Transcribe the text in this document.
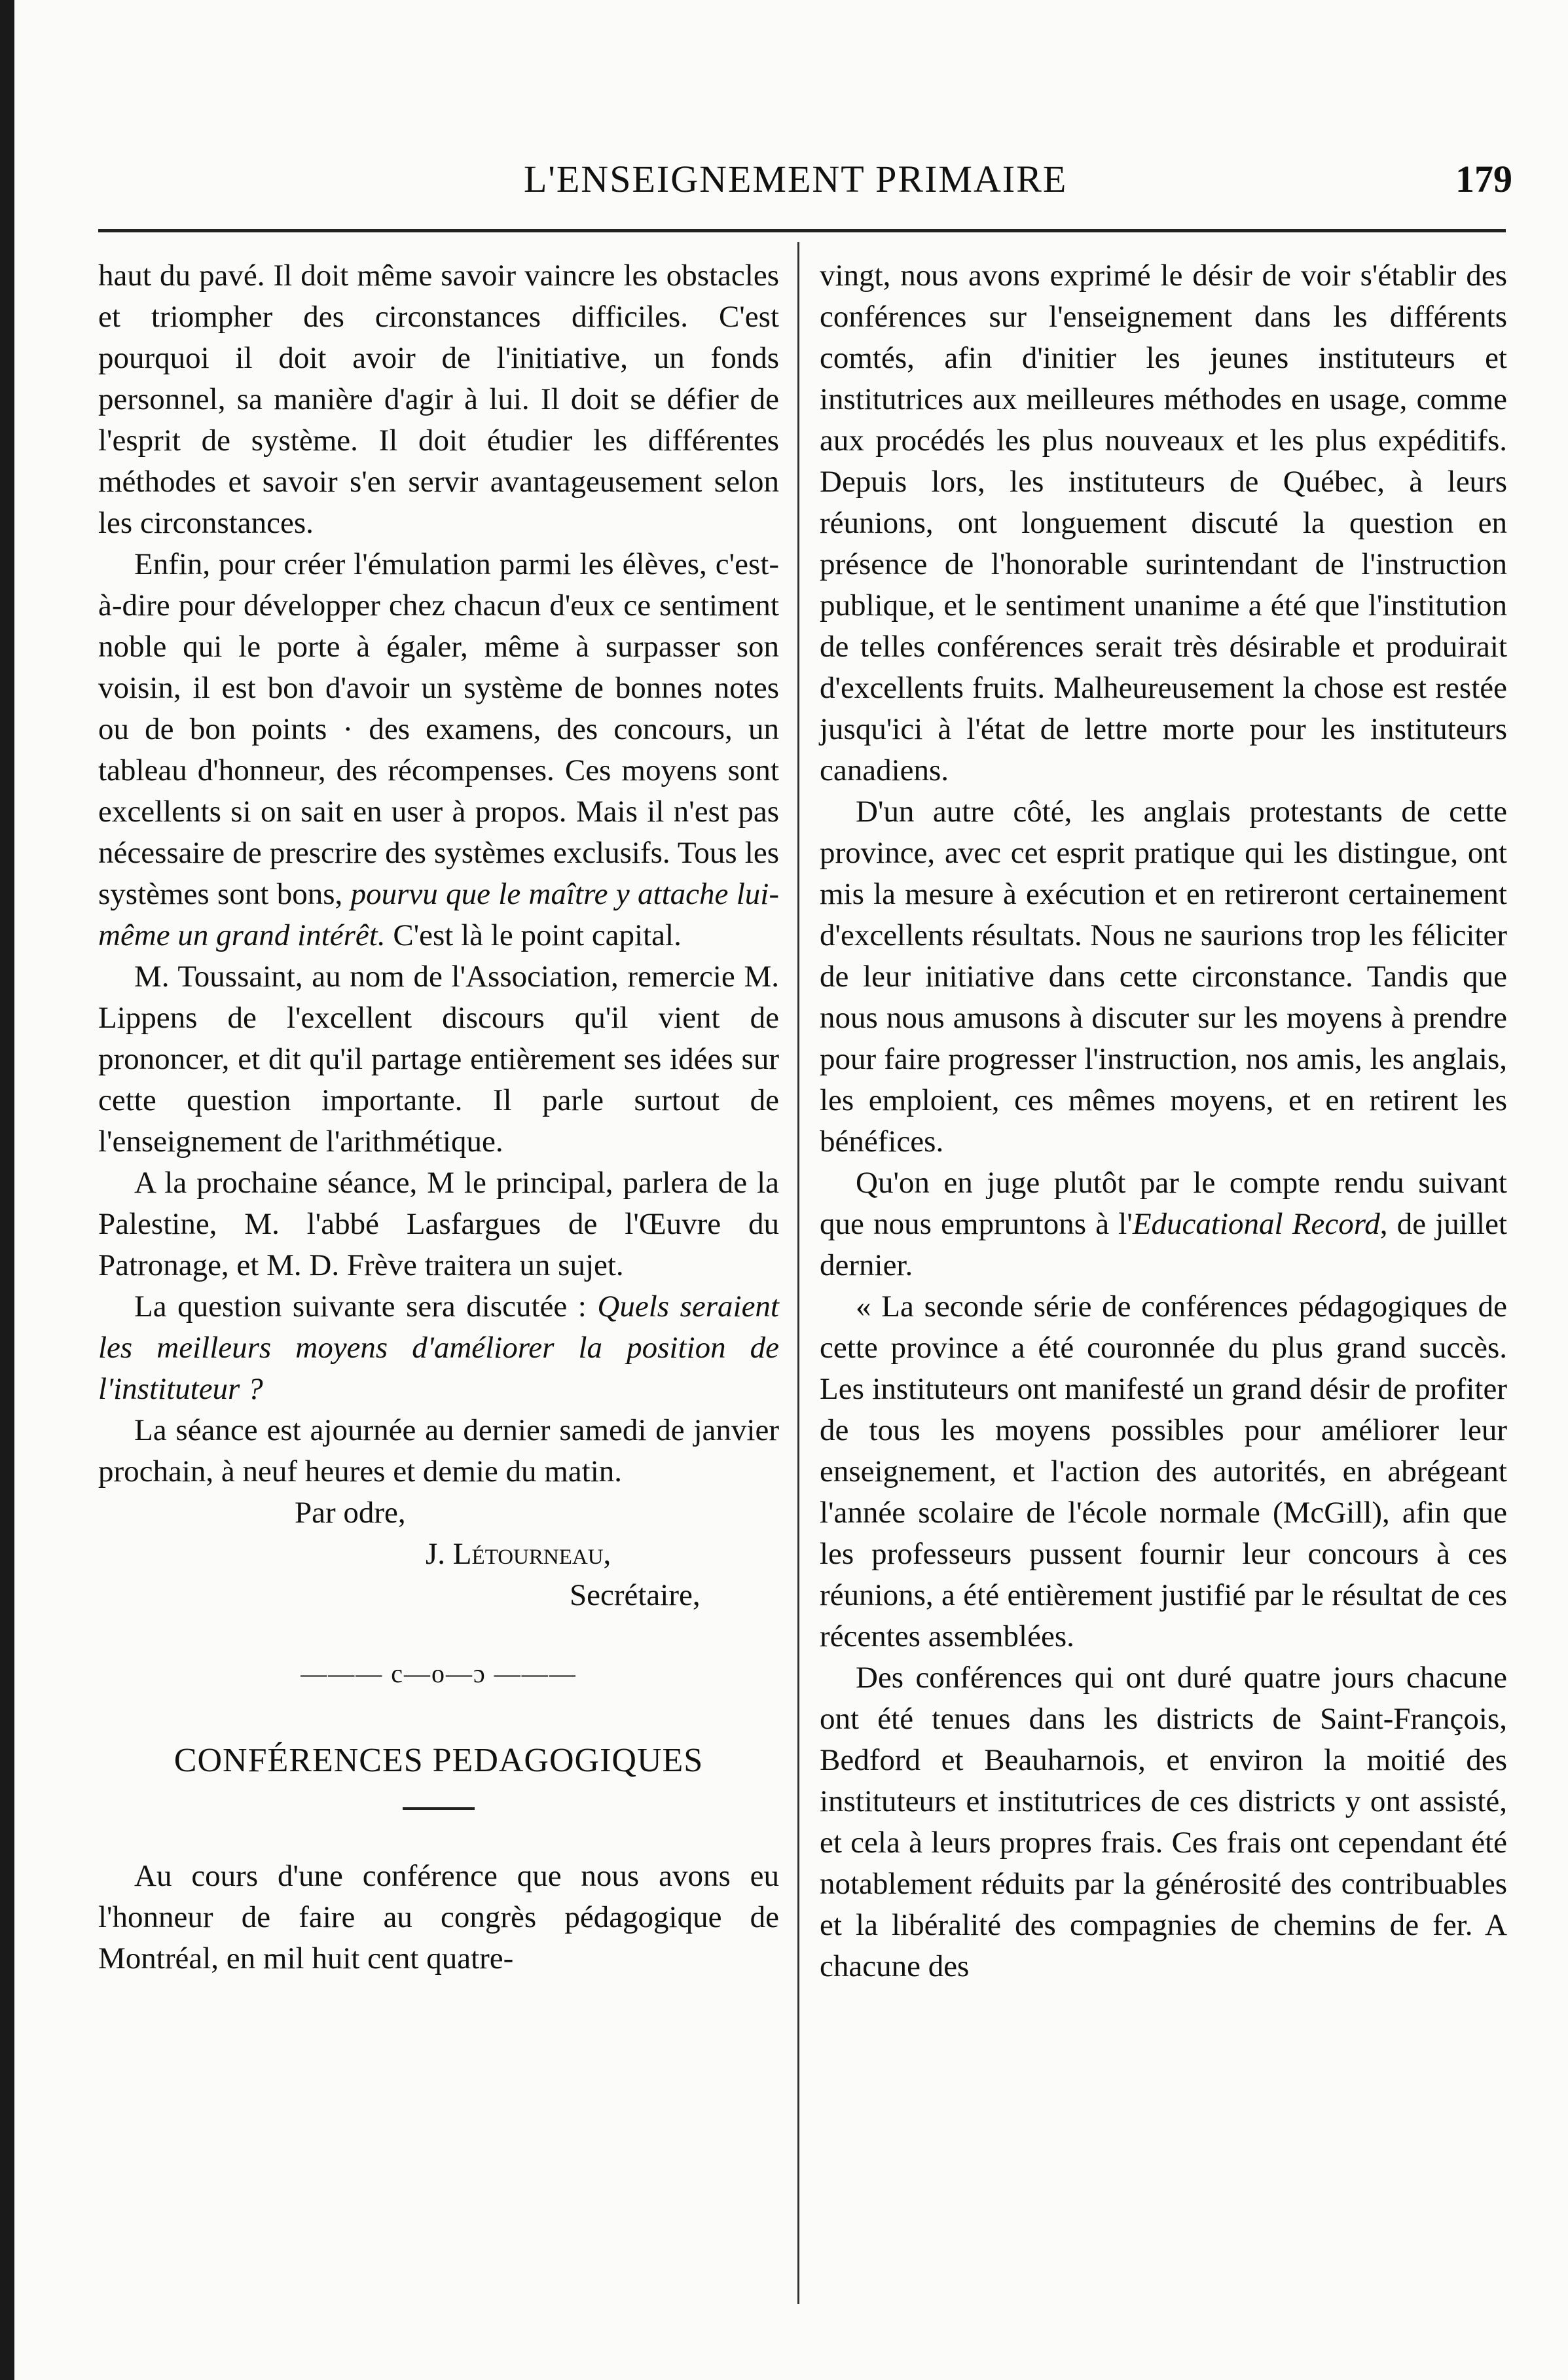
L'ENSEIGNEMENT PRIMAIRE	179

haut du pavé. Il doit même savoir vaincre les obstacles et triompher des circonstances difficiles. C'est pourquoi il doit avoir de l'initiative, un fonds personnel, sa manière d'agir à lui. Il doit se défier de l'esprit de système. Il doit étudier les différentes méthodes et savoir s'en servir avantageusement selon les circonstances.

Enfin, pour créer l'émulation parmi les élèves, c'est-à-dire pour développer chez chacun d'eux ce sentiment noble qui le porte à égaler, même à surpasser son voisin, il est bon d'avoir un système de bonnes notes ou de bon points · des examens, des concours, un tableau d'honneur, des récompenses. Ces moyens sont excellents si on sait en user à propos. Mais il n'est pas nécessaire de prescrire des systèmes exclusifs. Tous les systèmes sont bons, pourvu que le maître y attache lui-même un grand intérêt. C'est là le point capital.

M. Toussaint, au nom de l'Association, remercie M. Lippens de l'excellent discours qu'il vient de prononcer, et dit qu'il partage entièrement ses idées sur cette question importante. Il parle surtout de l'enseignement de l'arithmétique.

A la prochaine séance, M le principal, parlera de la Palestine, M. l'abbé Lasfargues de l'Œuvre du Patronage, et M. D. Frève traitera un sujet.

La question suivante sera discutée : Quels seraient les meilleurs moyens d'améliorer la position de l'instituteur ?

La séance est ajournée au dernier samedi de janvier prochain, à neuf heures et demie du matin.

Par odre,
J. Létourneau,
Secrétaire,
——— c—o—ɔ ———
CONFÉRENCES PEDAGOGIQUES

Au cours d'une conférence que nous avons eu l'honneur de faire au congrès pédagogique de Montréal, en mil huit cent quatre-

vingt, nous avons exprimé le désir de voir s'établir des conférences sur l'enseignement dans les différents comtés, afin d'initier les jeunes instituteurs et institutrices aux meilleures méthodes en usage, comme aux procédés les plus nouveaux et les plus expéditifs. Depuis lors, les instituteurs de Québec, à leurs réunions, ont longuement discuté la question en présence de l'honorable surintendant de l'instruction publique, et le sentiment unanime a été que l'institution de telles conférences serait très désirable et produirait d'excellents fruits. Malheureusement la chose est restée jusqu'ici à l'état de lettre morte pour les instituteurs canadiens.

D'un autre côté, les anglais protestants de cette province, avec cet esprit pratique qui les distingue, ont mis la mesure à exécution et en retireront certainement d'excellents résultats. Nous ne saurions trop les féliciter de leur initiative dans cette circonstance. Tandis que nous nous amusons à discuter sur les moyens à prendre pour faire progresser l'instruction, nos amis, les anglais, les emploient, ces mêmes moyens, et en retirent les bénéfices.

Qu'on en juge plutôt par le compte rendu suivant que nous empruntons à l'Educational Record, de juillet dernier.

« La seconde série de conférences pédagogiques de cette province a été couronnée du plus grand succès. Les instituteurs ont manifesté un grand désir de profiter de tous les moyens possibles pour améliorer leur enseignement, et l'action des autorités, en abrégeant l'année scolaire de l'école normale (McGill), afin que les professeurs pussent fournir leur concours à ces réunions, a été entièrement justifié par le résultat de ces récentes assemblées.

Des conférences qui ont duré quatre jours chacune ont été tenues dans les districts de Saint-François, Bedford et Beauharnois, et environ la moitié des instituteurs et institutrices de ces districts y ont assisté, et cela à leurs propres frais. Ces frais ont cependant été notablement réduits par la générosité des contribuables et la libéralité des compagnies de chemins de fer. A chacune des
